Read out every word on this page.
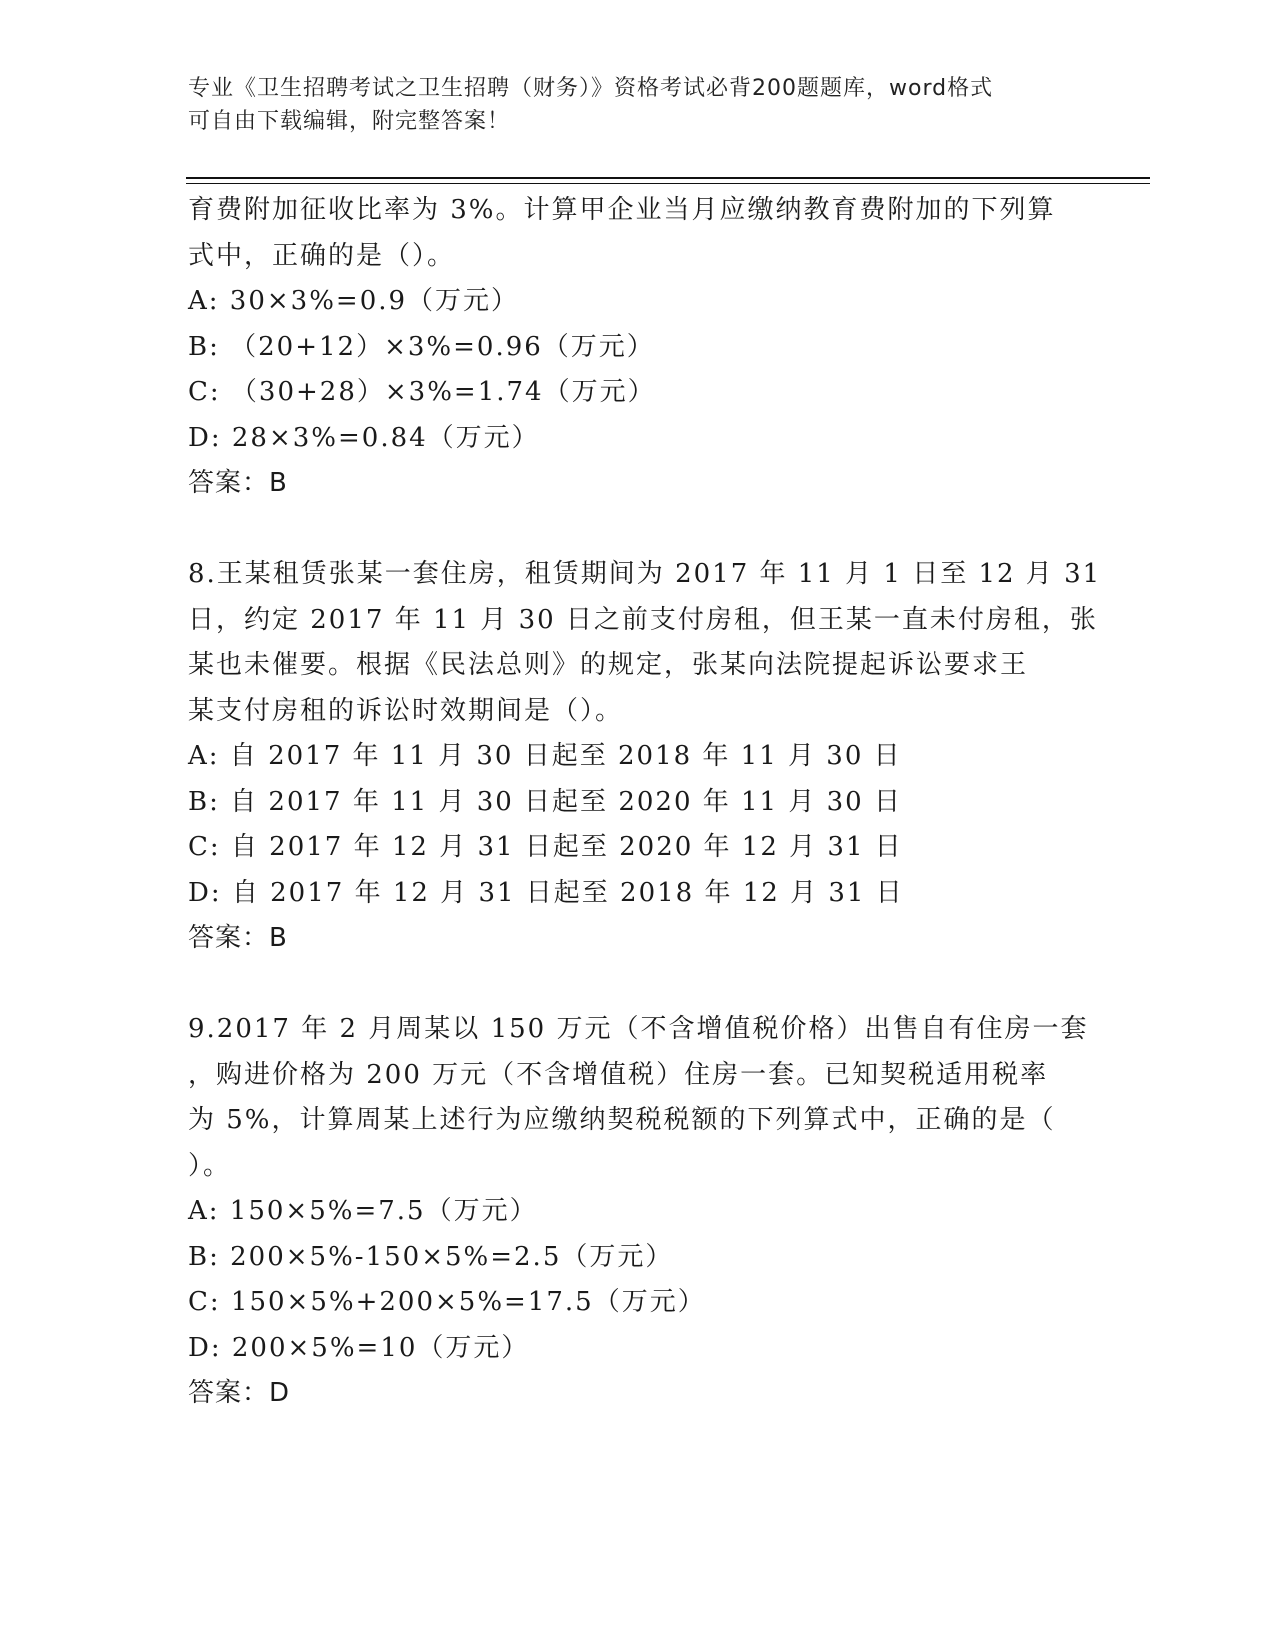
专业《卫生招聘考试之卫生招聘（财务）》资格考试必背200题题库，word格式
可自由下载编辑，附完整答案！
育费附加征收比率为 3%。计算甲企业当月应缴纳教育费附加的下列算
式中，正确的是（）。
A: 30×3%=0.9（万元）
B: （20+12）×3%=0.96（万元）
C: （30+28）×3%=1.74（万元）
D: 28×3%=0.84（万元）
答案：B
8.王某租赁张某一套住房，租赁期间为 2017 年 11 月 1 日至 12 月 31
日，约定 2017 年 11 月 30 日之前支付房租，但王某一直未付房租，张
某也未催要。根据《民法总则》的规定，张某向法院提起诉讼要求王
某支付房租的诉讼时效期间是（）。
A: 自 2017 年 11 月 30 日起至 2018 年 11 月 30 日
B: 自 2017 年 11 月 30 日起至 2020 年 11 月 30 日
C: 自 2017 年 12 月 31 日起至 2020 年 12 月 31 日
D: 自 2017 年 12 月 31 日起至 2018 年 12 月 31 日
答案：B
9.2017 年 2 月周某以 150 万元（不含增值税价格）出售自有住房一套
，购进价格为 200 万元（不含增值税）住房一套。已知契税适用税率
为 5%，计算周某上述行为应缴纳契税税额的下列算式中，正确的是（
）。
A: 150×5%=7.5（万元）
B: 200×5%-150×5%=2.5（万元）
C: 150×5%+200×5%=17.5（万元）
D: 200×5%=10（万元）
答案：D
